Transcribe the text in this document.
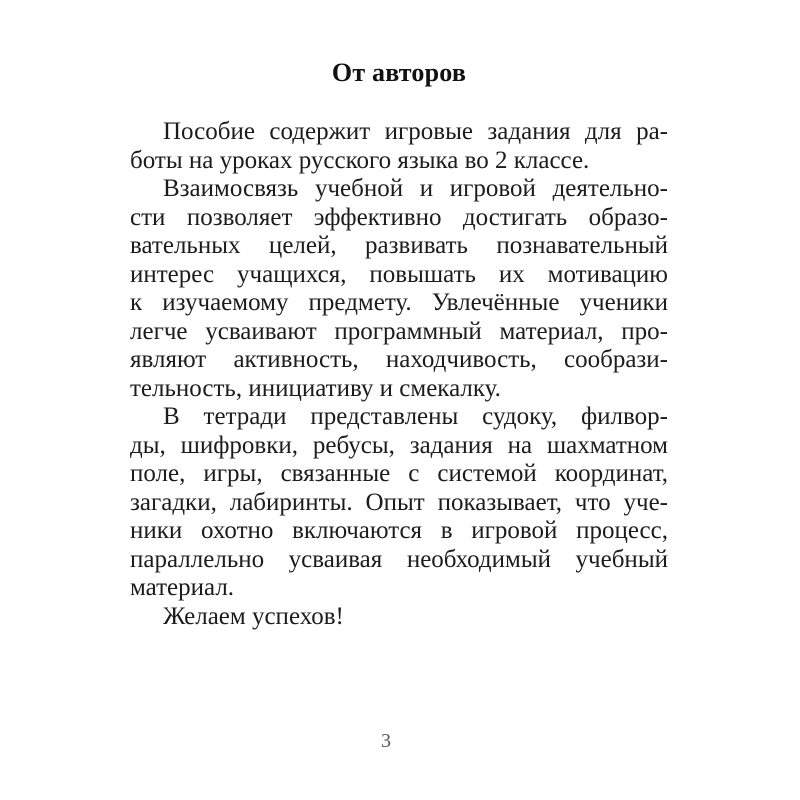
От авторов
Пособие содержит игровые задания для ра-
боты на уроках русского языка во 2 классе.
Взаимосвязь учебной и игровой деятельно-
сти позволяет эффективно достигать образо-
вательных целей, развивать познавательный
интерес учащихся, повышать их мотивацию
к изучаемому предмету. Увлечённые ученики
легче усваивают программный материал, про-
являют активность, находчивость, сообрази-
тельность, инициативу и смекалку.
В тетради представлены судоку, филвор-
ды, шифровки, ребусы, задания на шахматном
поле, игры, связанные с системой координат,
загадки, лабиринты. Опыт показывает, что уче-
ники охотно включаются в игровой процесс,
параллельно усваивая необходимый учебный
материал.
Желаем успехов!
3
